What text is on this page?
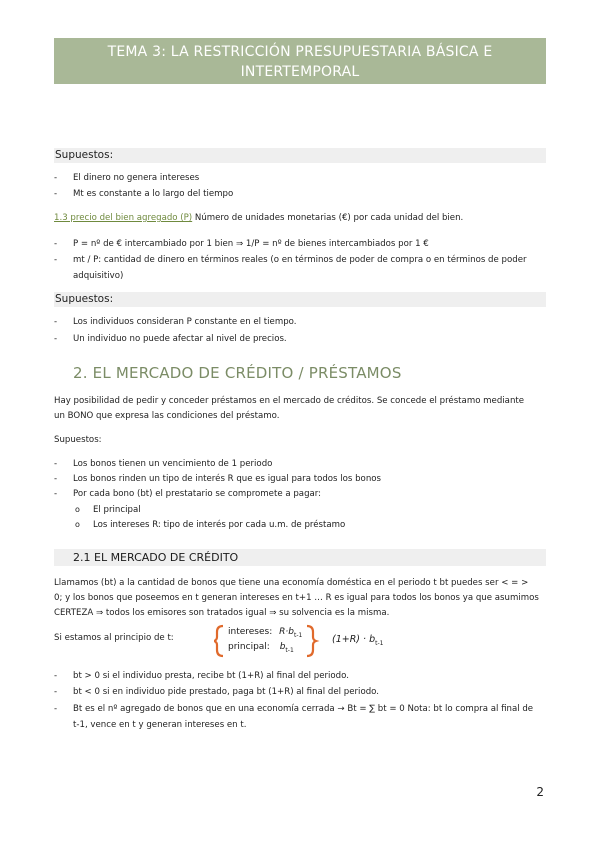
TEMA 3: LA RESTRICCIÓN PRESUPUESTARIA BÁSICA E
INTERTEMPORAL
Supuestos:
- El dinero no genera intereses
- Mt es constante a lo largo del tiempo
1.3 precio del bien agregado (P) Número de unidades monetarias (€) por cada unidad del bien.
- P = nº de € intercambiado por 1 bien ⇒ 1/P = nº de bienes intercambiados por 1 €
- mt / P: cantidad de dinero en términos reales (o en términos de poder de compra o en términos de poder
adquisitivo)
Supuestos:
- Los individuos consideran P constante en el tiempo.
- Un individuo no puede afectar al nivel de precios.
2. EL MERCADO DE CRÉDITO / PRÉSTAMOS
Hay posibilidad de pedir y conceder préstamos en el mercado de créditos. Se concede el préstamo mediante
un BONO que expresa las condiciones del préstamo.
Supuestos:
- Los bonos tienen un vencimiento de 1 periodo
- Los bonos rinden un tipo de interés R que es igual para todos los bonos
- Por cada bono (bt) el prestatario se compromete a pagar:
o El principal
o Los intereses R: tipo de interés por cada u.m. de préstamo
2.1 EL MERCADO DE CRÉDITO
Llamamos (bt) a la cantidad de bonos que tiene una economía doméstica en el periodo t bt puedes ser < = >
0; y los bonos que poseemos en t generan intereses en t+1 … R es igual para todos los bonos ya que asumimos
CERTEZA ⇒ todos los emisores son tratados igual ⇒ su solvencia es la misma.
Si estamos al principio de t:
intereses: $R\cdot b_{t-1}$
principal: $b_{t-1}$
$(1+R) \cdot b_{t-1}$
- bt > 0 si el individuo presta, recibe bt (1+R) al final del periodo.
- bt < 0 si en individuo pide prestado, paga bt (1+R) al final del periodo.
- Bt es el nº agregado de bonos que en una economía cerrada → Bt = ∑ bt = 0 Nota: bt lo compra al final de
t-1, vence en t y generan intereses en t.
2
